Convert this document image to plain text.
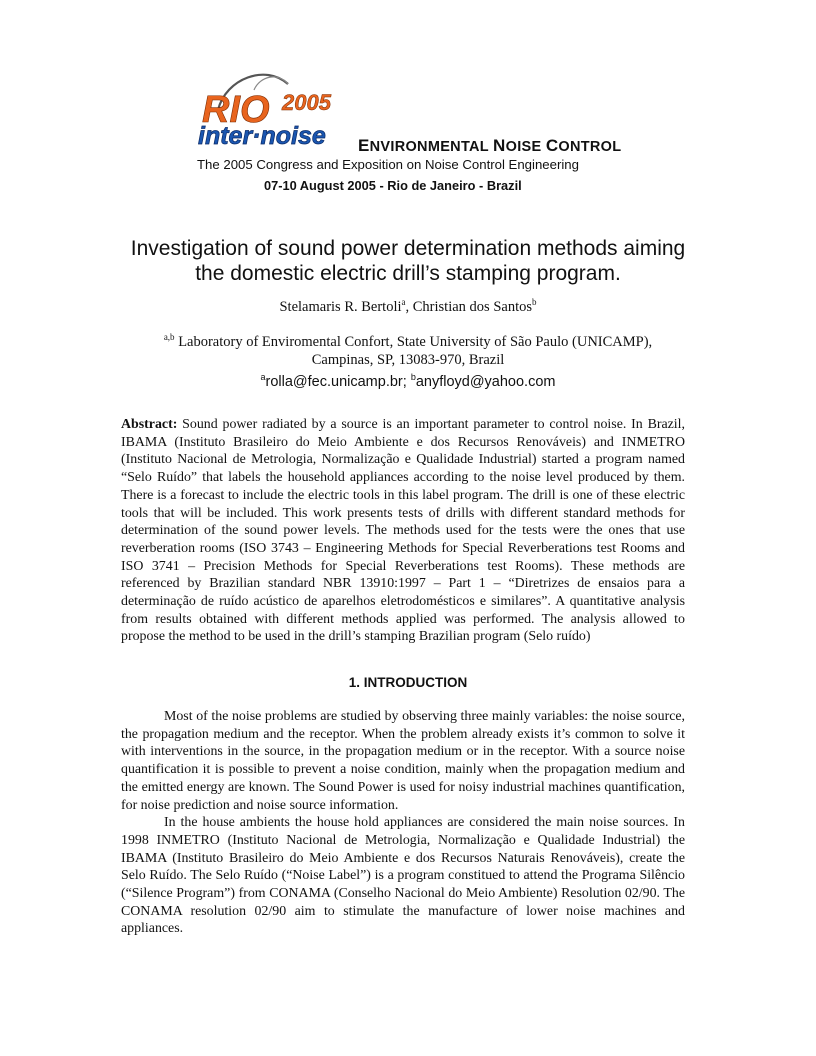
RIO 2005
inter·noise ENVIRONMENTAL NOISE CONTROL
The 2005 Congress and Exposition on Noise Control Engineering
07-10 August 2005 - Rio de Janeiro - Brazil
Investigation of sound power determination methods aiming
the domestic electric drill’s stamping program.
Stelamaris R. Bertoli$^a$, Christian dos Santos$^b$
$^{a,b}$ Laboratory of Enviromental Confort, State University of São Paulo (UNICAMP),
Campinas, SP, 13083-970, Brazil
$^a$rolla@fec.unicamp.br; $^b$anyfloyd@yahoo.com

Abstract: Sound power radiated by a source is an important parameter to control noise. In Brazil, IBAMA (Instituto Brasileiro do Meio Ambiente e dos Recursos Renováveis) and INMETRO (Instituto Nacional de Metrologia, Normalização e Qualidade Industrial) started a program named “Selo Ruído” that labels the household appliances according to the noise level produced by them. There is a forecast to include the electric tools in this label program. The drill is one of these electric tools that will be included. This work presents tests of drills with different standard methods for determination of the sound power levels. The methods used for the tests were the ones that use reverberation rooms (ISO 3743 – Engineering Methods for Special Reverberations test Rooms and ISO 3741 – Precision Methods for Special Reverberations test Rooms). These methods are referenced by Brazilian standard NBR 13910:1997 – Part 1 – “Diretrizes de ensaios para a determinação de ruído acústico de aparelhos eletrodomésticos e similares”. A quantitative analysis from results obtained with different methods applied was performed. The analysis allowed to propose the method to be used in the drill’s stamping Brazilian program (Selo ruído)

1. INTRODUCTION

Most of the noise problems are studied by observing three mainly variables: the noise source, the propagation medium and the receptor. When the problem already exists it’s common to solve it with interventions in the source, in the propagation medium or in the receptor. With a source noise quantification it is possible to prevent a noise condition, mainly when the propagation medium and the emitted energy are known. The Sound Power is used for noisy industrial machines quantification, for noise prediction and noise source information.

In the house ambients the house hold appliances are considered the main noise sources. In 1998 INMETRO (Instituto Nacional de Metrologia, Normalização e Qualidade Industrial) the IBAMA (Instituto Brasileiro do Meio Ambiente e dos Recursos Naturais Renováveis), create the Selo Ruído. The Selo Ruído (“Noise Label”) is a program constitued to attend the Programa Silêncio (“Silence Program”) from CONAMA (Conselho Nacional do Meio Ambiente) Resolution 02/90. The CONAMA resolution 02/90 aim to stimulate the manufacture of lower noise machines and appliances.
